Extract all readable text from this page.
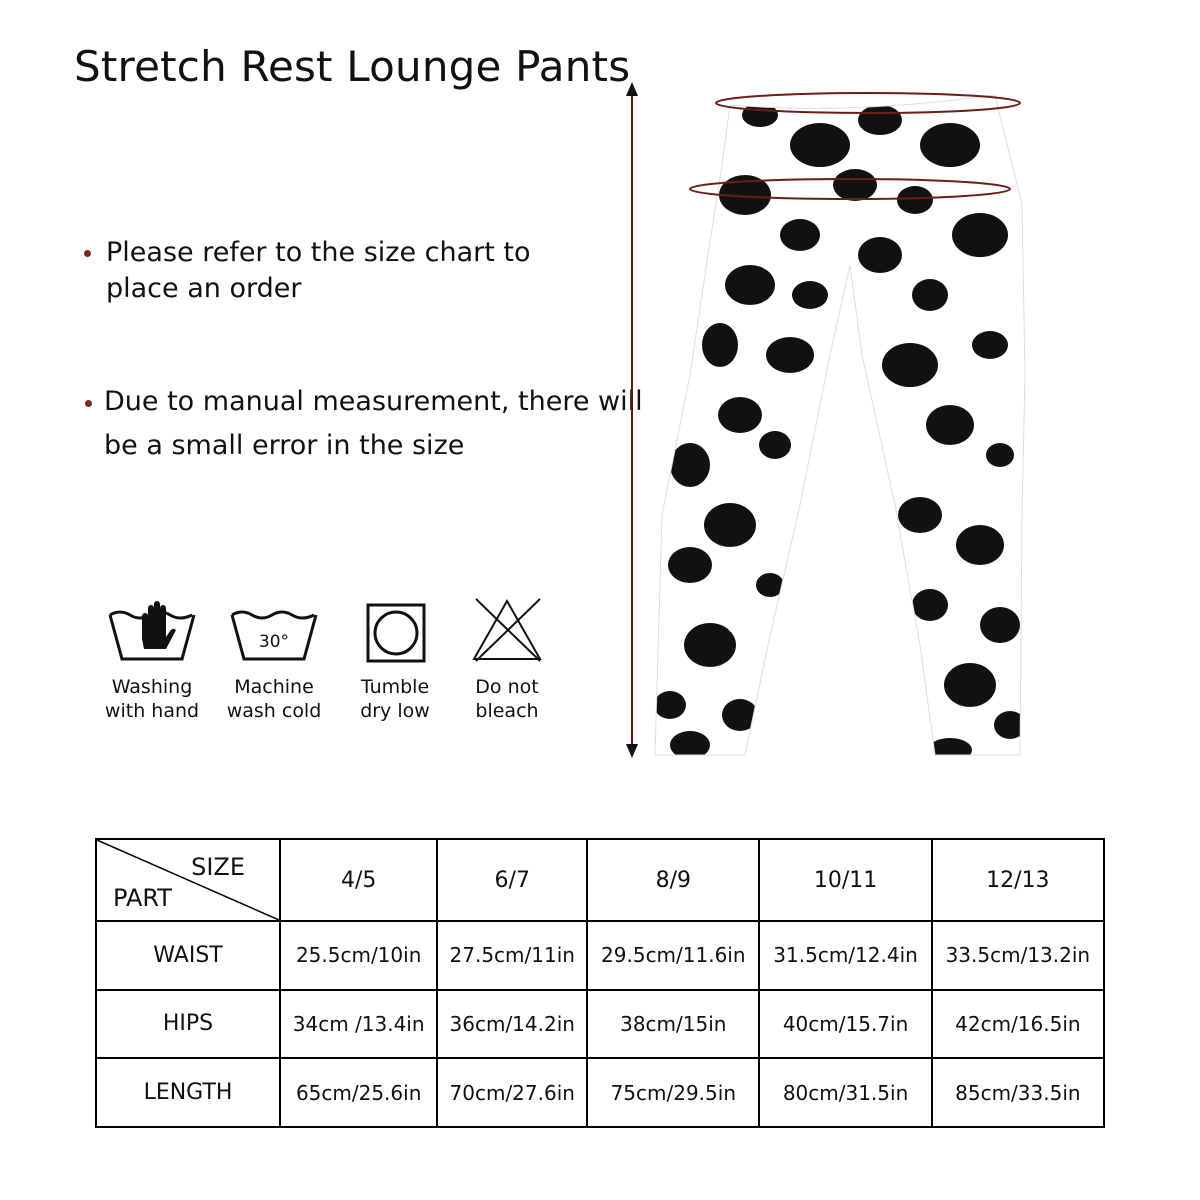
Stretch Rest Lounge Pants
Please refer to the size chart to place an order
Due to manual measurement, there will be a small error in the size
Washing
with hand
30°
Machine
wash cold
Tumble
dry low
Do not
bleach
SIZE
PART	4/5	6/7	8/9	10/11	12/13
WAIST	25.5cm/10in	27.5cm/11in	29.5cm/11.6in	31.5cm/12.4in	33.5cm/13.2in
HIPS	34cm /13.4in	36cm/14.2in	38cm/15in	40cm/15.7in	42cm/16.5in
LENGTH	65cm/25.6in	70cm/27.6in	75cm/29.5in	80cm/31.5in	85cm/33.5in
